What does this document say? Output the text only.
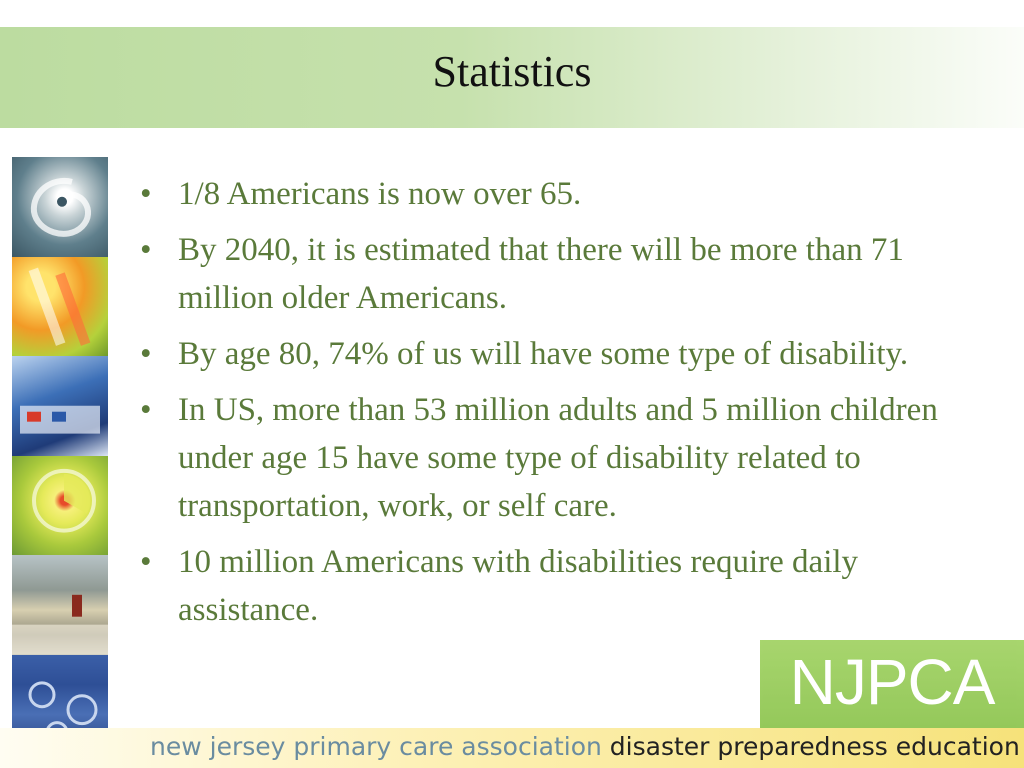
Statistics
• 1/8 Americans is now over 65.
• By 2040, it is estimated that there will be more than 71 million older Americans.
• By age 80, 74% of us will have some type of disability.
• In US, more than 53 million adults and 5 million children under age 15 have some type of disability related to transportation, work, or self care.
• 10 million Americans with disabilities require daily assistance.
NJPCA
new jersey primary care association disaster preparedness education
